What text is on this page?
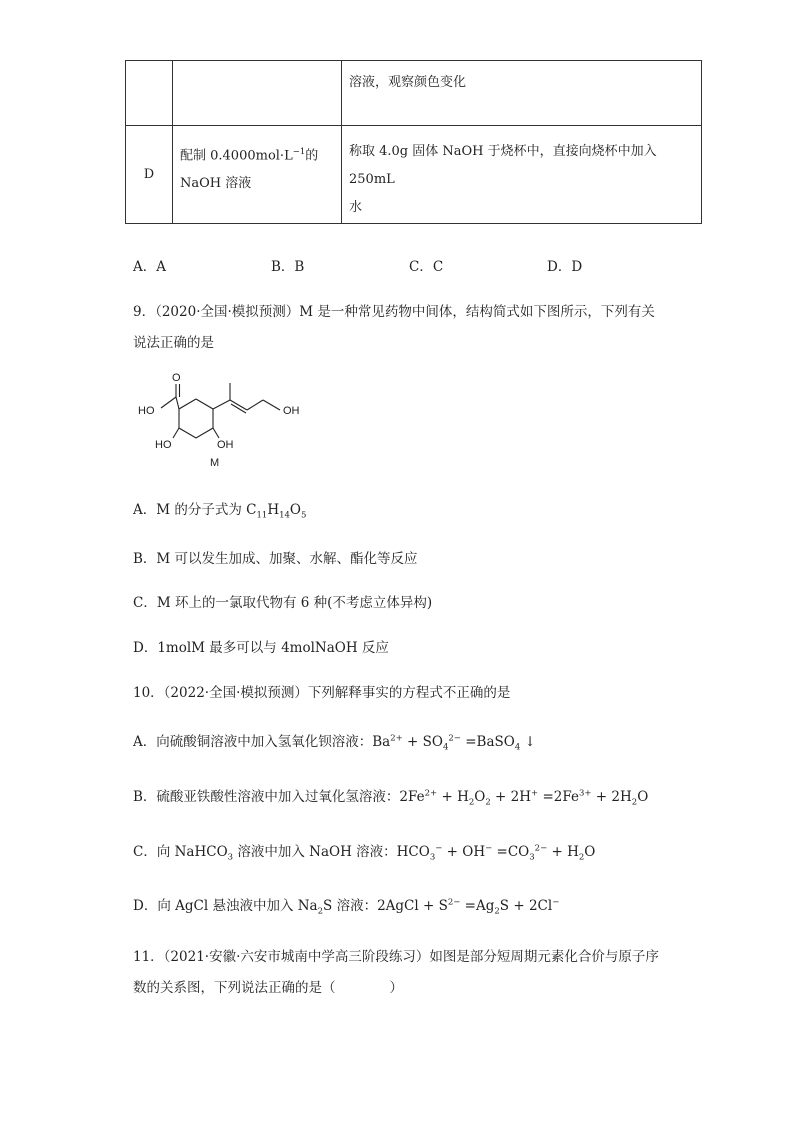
		溶液，观察颜色变化
D	配制 $0.4000mol\cdot L^{-1}$的
NaOH 溶液	称取 4.0g 固体 NaOH 于烧杯中，直接向烧杯中加入 250mL
水
A．A	B．B	C．C	D．D
9．（2020·全国·模拟预测）M 是一种常见药物中间体，结构简式如下图所示，下列有关
说法正确的是
O
HO	OH
HO	OH
M
A．M 的分子式为 $C_{11}H_{14}O_5$
B．M 可以发生加成、加聚、水解、酯化等反应
C．M 环上的一氯取代物有 6 种(不考虑立体异构)
D．1molM 最多可以与 4molNaOH 反应
10．（2022·全国·模拟预测）下列解释事实的方程式不正确的是
A．向硫酸铜溶液中加入氢氧化钡溶液：$Ba^{2+} + SO_4^{2-}$ =BaSO$_4$ ↓
B．硫酸亚铁酸性溶液中加入过氧化氢溶液：$2Fe^{2+} + H_2O_2 + 2H^+ =2Fe^{3+} + 2H_2O$
C．向 NaHCO$_3$ 溶液中加入 NaOH 溶液：$HCO_3^- + OH^- =CO_3^{2-} + H_2O$
D．向 AgCl 悬浊液中加入 $Na_2S$ 溶液：2AgCl + $S^{2-} =Ag_2S + 2Cl^-$
11．（2021·安徽·六安市城南中学高三阶段练习）如图是部分短周期元素化合价与原子序
数的关系图，下列说法正确的是（　　　　）
